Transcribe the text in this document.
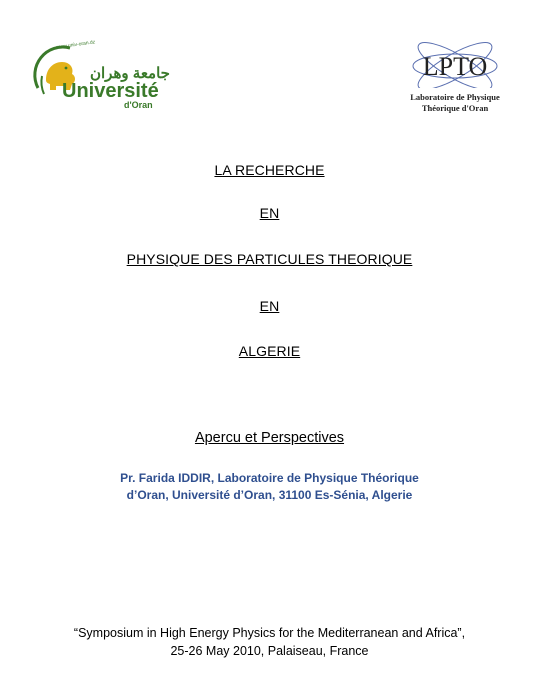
جامعة وهران
Université
d'Oran
www.univ-oran.dz
LPTO
Laboratoire de Physique
Théorique d'Oran
LA RECHERCHE
EN
PHYSIQUE DES PARTICULES THEORIQUE
EN
ALGERIE
Apercu et Perspectives
Pr. Farida IDDIR, Laboratoire de Physique Théorique
d’Oran, Université d’Oran, 31100 Es-Sénia, Algerie
“Symposium in High Energy Physics for the Mediterranean and Africa”,
25-26 May 2010, Palaiseau, France
